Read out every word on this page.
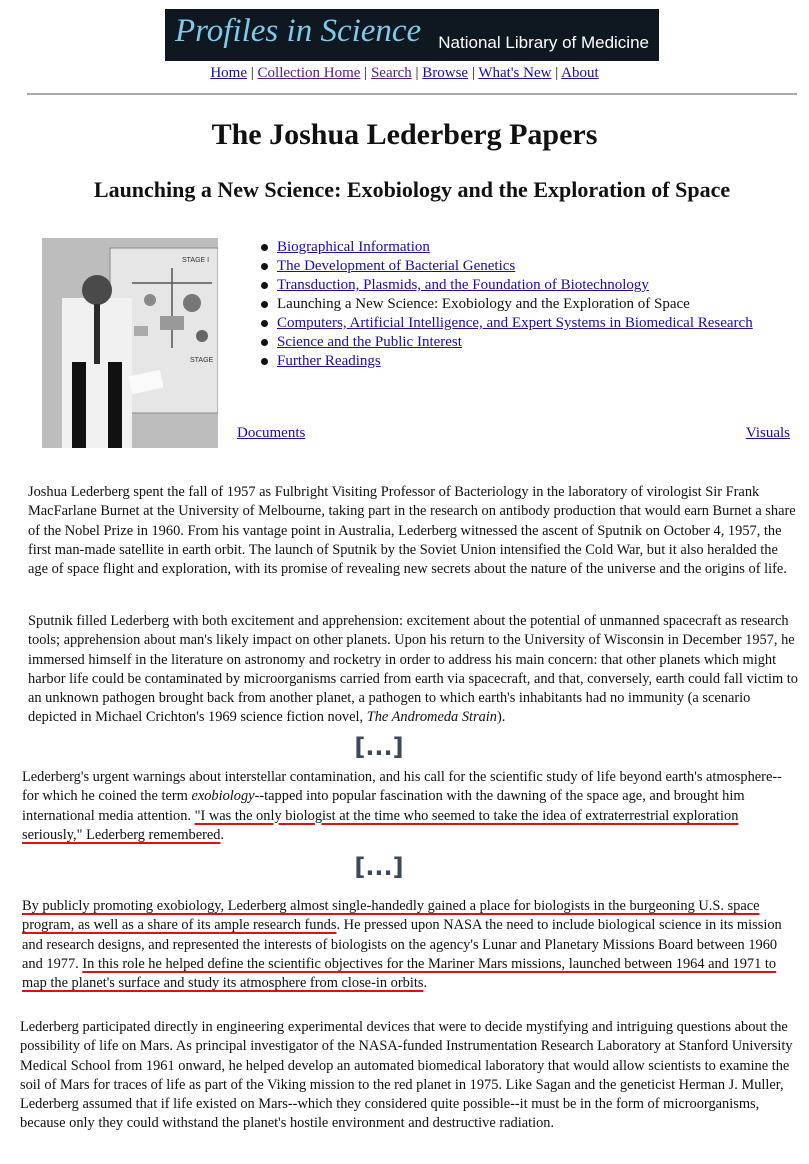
Profiles in Science National Library of Medicine
Home | Collection Home | Search | Browse | What's New | About
The Joshua Lederberg Papers
Launching a New Science: Exobiology and the Exploration of Space
STAGE I
STAGE
Biographical Information
The Development of Bacterial Genetics
Transduction, Plasmids, and the Foundation of Biotechnology
Launching a New Science: Exobiology and the Exploration of Space
Computers, Artificial Intelligence, and Expert Systems in Biomedical Research
Science and the Public Interest
Further Readings
Documents	Visuals

Joshua Lederberg spent the fall of 1957 as Fulbright Visiting Professor of Bacteriology in the laboratory of virologist Sir Frank MacFarlane Burnet at the University of Melbourne, taking part in the research on antibody production that would earn Burnet a share of the Nobel Prize in 1960. From his vantage point in Australia, Lederberg witnessed the ascent of Sputnik on October 4, 1957, the first man-made satellite in earth orbit. The launch of Sputnik by the Soviet Union intensified the Cold War, but it also heralded the age of space flight and exploration, with its promise of revealing new secrets about the nature of the universe and the origins of life.

Sputnik filled Lederberg with both excitement and apprehension: excitement about the potential of unmanned spacecraft as research tools; apprehension about man's likely impact on other planets. Upon his return to the University of Wisconsin in December 1957, he immersed himself in the literature on astronomy and rocketry in order to address his main concern: that other planets which might harbor life could be contaminated by microorganisms carried from earth via spacecraft, and that, conversely, earth could fall victim to an unknown pathogen brought back from another planet, a pathogen to which earth's inhabitants had no immunity (a scenario depicted in Michael Crichton's 1969 science fiction novel, The Andromeda Strain).

[...]

Lederberg's urgent warnings about interstellar contamination, and his call for the scientific study of life beyond earth's atmosphere--for which he coined the term exobiology--tapped into popular fascination with the dawning of the space age, and brought him international media attention. "I was the only biologist at the time who seemed to take the idea of extraterrestrial exploration seriously," Lederberg remembered.

[...]

By publicly promoting exobiology, Lederberg almost single-handedly gained a place for biologists in the burgeoning U.S. space program, as well as a share of its ample research funds. He pressed upon NASA the need to include biological science in its mission and research designs, and represented the interests of biologists on the agency's Lunar and Planetary Missions Board between 1960 and 1977. In this role he helped define the scientific objectives for the Mariner Mars missions, launched between 1964 and 1971 to map the planet's surface and study its atmosphere from close-in orbits.

Lederberg participated directly in engineering experimental devices that were to decide mystifying and intriguing questions about the possibility of life on Mars. As principal investigator of the NASA-funded Instrumentation Research Laboratory at Stanford University Medical School from 1961 onward, he helped develop an automated biomedical laboratory that would allow scientists to examine the soil of Mars for traces of life as part of the Viking mission to the red planet in 1975. Like Sagan and the geneticist Herman J. Muller, Lederberg assumed that if life existed on Mars--which they considered quite possible--it must be in the form of microorganisms, because only they could withstand the planet's hostile environment and destructive radiation.
